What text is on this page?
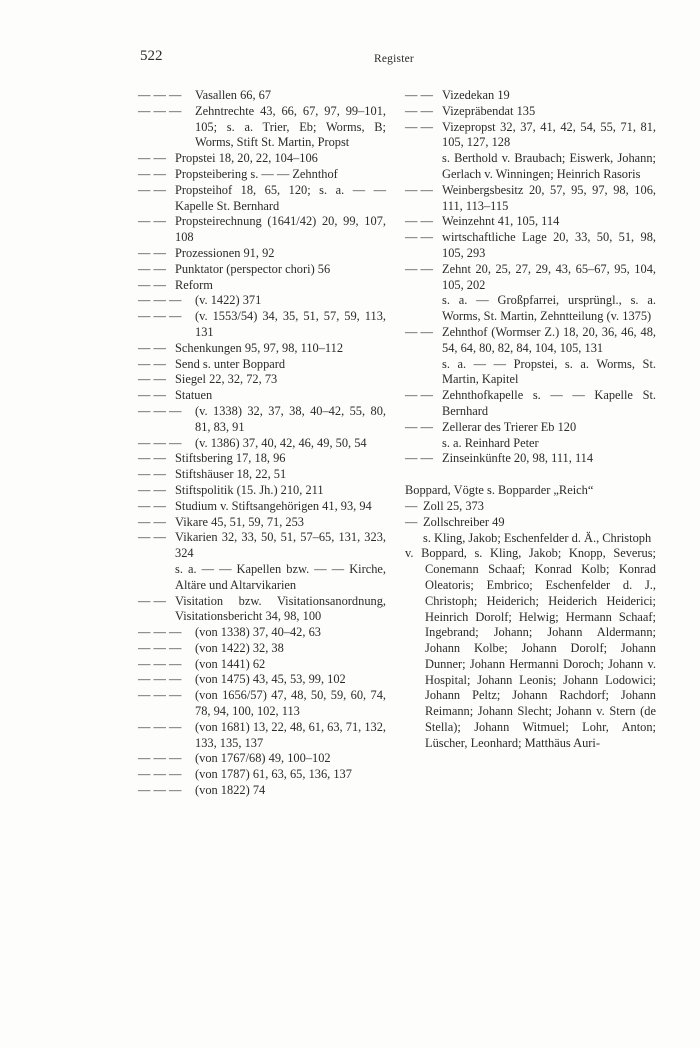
522	Register
— — —	Vasallen 66, 67
— — —	Zehntrechte 43, 66, 67, 97, 99–101, 105; s. a. Trier, Eb; Worms, B; Worms, Stift St. Martin, Propst
— — Propstei 18, 20, 22, 104–106
— — Propsteibering s. — — Zehnthof
— — Propsteihof 18, 65, 120; s. a. — — Kapelle St. Bernhard
— — Propsteirechnung (1641/42) 20, 99, 107, 108
— — Prozessionen 91, 92
— — Punktator (perspector chori) 56
— — Reform
— — —	(v. 1422) 371
— — —	(v. 1553/54) 34, 35, 51, 57, 59, 113, 131
— — Schenkungen 95, 97, 98, 110–112
— — Send s. unter Boppard
— — Siegel 22, 32, 72, 73
— — Statuen
— — —	(v. 1338) 32, 37, 38, 40–42, 55, 80, 81, 83, 91
— — —	(v. 1386) 37, 40, 42, 46, 49, 50, 54
— — Stiftsbering 17, 18, 96
— — Stiftshäuser 18, 22, 51
— — Stiftspolitik (15. Jh.) 210, 211
— — Studium v. Stiftsangehörigen 41, 93, 94
— — Vikare 45, 51, 59, 71, 253
— — Vikarien 32, 33, 50, 51, 57–65, 131, 323, 324
s. a. — — Kapellen bzw. — — Kirche, Altäre und Altarvikarien
— — Visitation bzw. Visitationsanordnung, Visitationsbericht 34, 98, 100
— — —	(von 1338) 37, 40–42, 63
— — —	(von 1422) 32, 38
— — —	(von 1441) 62
— — —	(von 1475) 43, 45, 53, 99, 102
— — —	(von 1656/57) 47, 48, 50, 59, 60, 74, 78, 94, 100, 102, 113
— — —	(von 1681) 13, 22, 48, 61, 63, 71, 132, 133, 135, 137
— — —	(von 1767/68) 49, 100–102
— — —	(von 1787) 61, 63, 65, 136, 137
— — —	(von 1822) 74
— — Vizedekan 19
— — Vizepräbendat 135
— — Vizepropst 32, 37, 41, 42, 54, 55, 71, 81, 105, 127, 128
s. Berthold v. Braubach; Eiswerk, Johann; Gerlach v. Winningen; Heinrich Rasoris
— — Weinbergsbesitz 20, 57, 95, 97, 98, 106, 111, 113–115
— — Weinzehnt 41, 105, 114
— — wirtschaftliche Lage 20, 33, 50, 51, 98, 105, 293
— — Zehnt 20, 25, 27, 29, 43, 65–67, 95, 104, 105, 202
s. a. — Großpfarrei, ursprüngl., s. a. Worms, St. Martin, Zehntteilung (v. 1375)
— — Zehnthof (Wormser Z.) 18, 20, 36, 46, 48, 54, 64, 80, 82, 84, 104, 105, 131
s. a. — — Propstei, s. a. Worms, St. Martin, Kapitel
— — Zehnthofkapelle s. — — Kapelle St. Bernhard
— — Zellerar des Trierer Eb 120
s. a. Reinhard Peter
— — Zinseinkünfte 20, 98, 111, 114
Boppard, Vögte s. Bopparder „Reich“
— Zoll 25, 373
— Zollschreiber 49
s. Kling, Jakob; Eschenfelder d. Ä., Christoph
v. Boppard, s. Kling, Jakob; Knopp, Severus; Conemann Schaaf; Konrad Kolb; Konrad Oleatoris; Embrico; Eschenfelder d. J., Christoph; Heiderich; Heiderich Heiderici; Heinrich Dorolf; Helwig; Hermann Schaaf; Ingebrand; Johann; Johann Aldermann; Johann Kolbe; Johann Dorolf; Johann Dunner; Johann Hermanni Doroch; Johann v. Hospital; Johann Leonis; Johann Lodowici; Johann Peltz; Johann Rachdorf; Johann Reimann; Johann Slecht; Johann v. Stern (de Stella); Johann Witmuel; Lohr, Anton; Lüscher, Leonhard; Matthäus Auri-
